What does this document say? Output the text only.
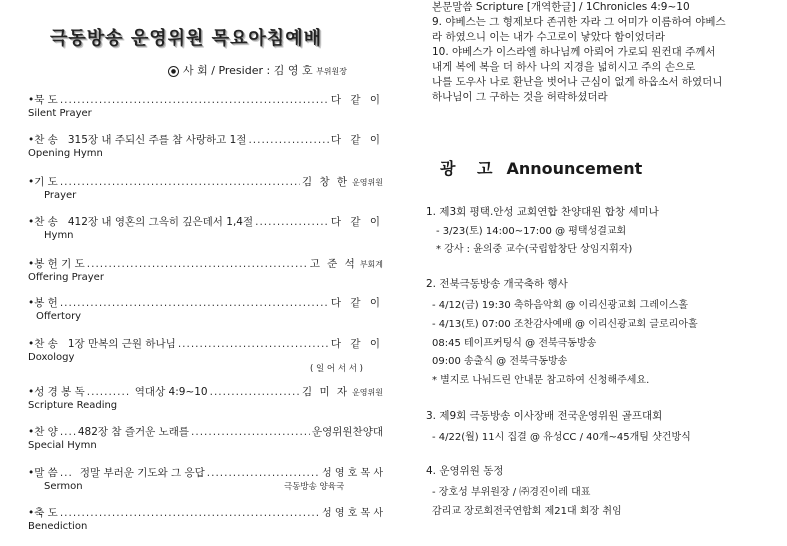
극동방송 운영위원 목요아침예배
● 사 회 / Presider : 김 영 호 부위원장
•묵 도 .....	다 같 이
Silent Prayer
•찬 송 315장 내 주되신 주를 참 사랑하고 1절 .....	다 같 이
Opening Hymn
•기 도 .....	김 창 한 운영위원
Prayer
•찬 송 412장 내 영혼의 그윽히 깊은데서 1,4절 .....	다 같 이
Hymn
•봉 헌 기 도 .....	고 준 석 부회계
Offering Prayer
•봉 헌 .....	다 같 이
Offertory
•찬 송 1장 만복의 근원 하나님 .....	다 같 이
Doxology
( 일 어 서 서 )
•성 경 봉 독 .....	역대상 4:9~10 .....	김 미 자 운영위원
Scripture Reading
•찬 양 ..... 482장 참 즐거운 노래를 .....	운영위원찬양대
Special Hymn
•말 씀 ..... 정말 부러운 기도와 그 응답 .....	성 영 호 목 사
Sermon	극동방송 양육국
•축 도 .....	성 영 호 목 사
Benediction
본문말씀 Scripture [개역한글] / 1Chronicles 4:9~10
9. 야베스는 그 형제보다 존귀한 자라 그 어미가 이름하여 야베스
라 하였으니 이는 내가 수고로이 낳았다 함이었더라
10. 야베스가 이스라엘 하나님께 아뢰어 가로되 원컨대 주께서
내게 복에 복을 더 하사 나의 지경을 넓히시고 주의 손으로
나를 도우사 나로 환난을 벗어나 근심이 없게 하옵소서 하였더니
하나님이 그 구하는 것을 허락하셨더라
광 고 Announcement
1. 제3회 평택.안성 교회연합 찬양대원 합창 세미나
- 3/23(토) 14:00~17:00 @ 평택성결교회
* 강사 : 윤의중 교수(국립합창단 상임지휘자)
2. 전북극동방송 개국축하 행사
- 4/12(금) 19:30 축하음악회 @ 이리신광교회 그레이스홀
- 4/13(토) 07:00 조찬감사예배 @ 이리신광교회 글로리아홀
08:45 테이프커팅식 @ 전북극동방송
09:00 송출식 @ 전북극동방송
* 별지로 나눠드린 안내문 참고하여 신청해주세요.
3. 제9회 극동방송 이사장배 전국운영위원 골프대회
- 4/22(월) 11시 집결 @ 유성CC / 40개~45개팀 샷건방식
4. 운영위원 동정
- 장호성 부위원장 / ㈜경진이레 대표
감리교 장로회전국연합회 제21대 회장 취임
